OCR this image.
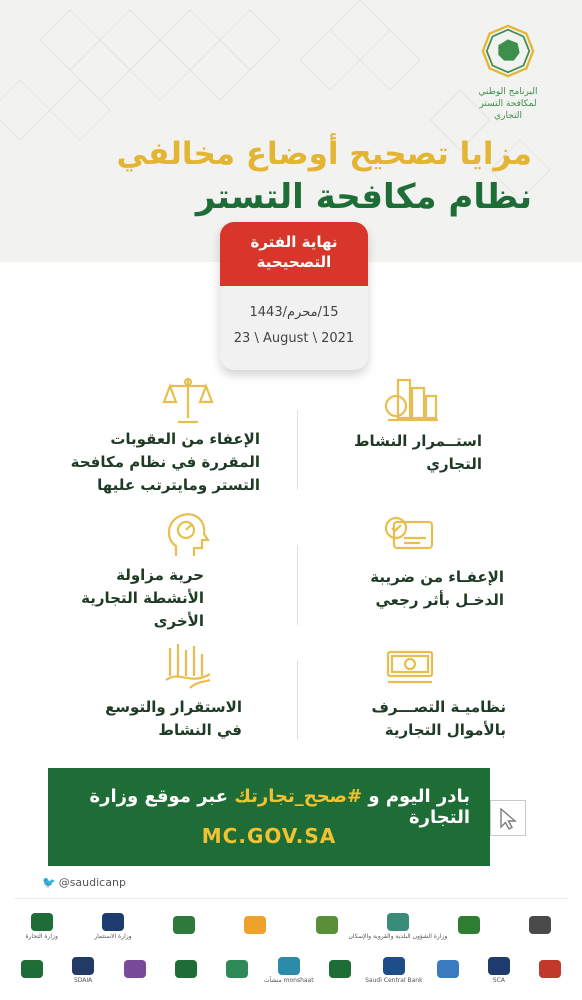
البرنامج الوطني
لمكافحة التستر التجاري
مزايا تصحيح أوضاع مخالفي
نظام مكافحة التستر
نهاية الفترة
التصحيحية
15/محرم/1443
23 \ August \ 2021
استــمرار النشاط
التجاري
الإعفاء من العقوبات
المقررة في نظام مكافحة
التستر ومايترتب عليها
الإعفـاء من ضريبة
الدخـل بأثر رجعي
حرية مزاولة
الأنشطة التجارية
الأخرى
نظاميـة التصـــرف
بالأموال التجارية
الاستقرار والتوسع
في النشاط
بادر اليوم و #صحح_تجارتك عبر موقع وزارة التجارة
MC.GOV.SA
🐦 @saudicanp
وزارة التجارة	وزارة الاستثمار	وزارة الشؤون البلدية والقروية والإسكان
SDAIA	منشآت monshaat	Saudi Central Bank	SCA
